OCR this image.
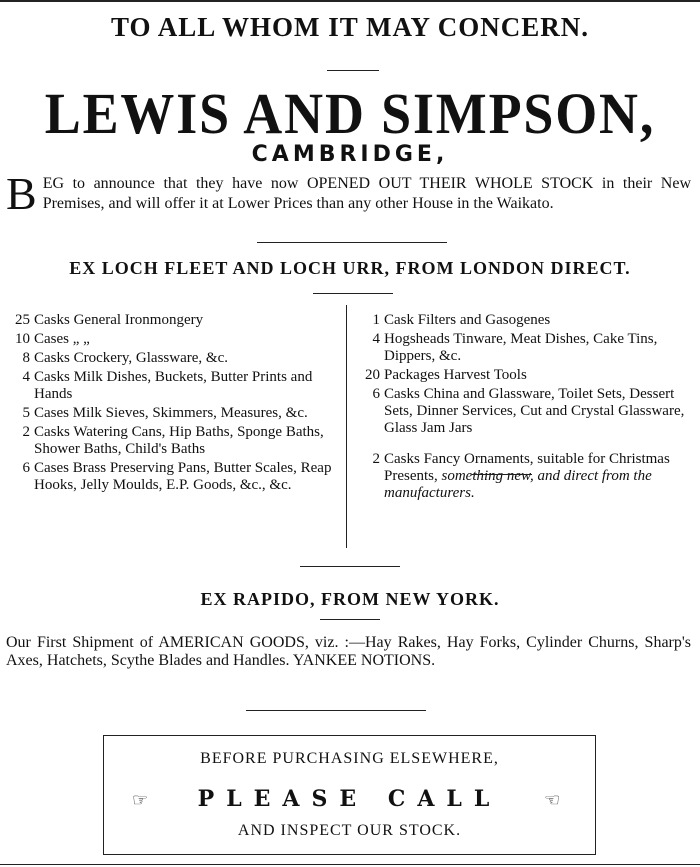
TO ALL WHOM IT MAY CONCERN.
LEWIS AND SIMPSON,
CAMBRIDGE,
BEG to announce that they have now OPENED OUT THEIR WHOLE STOCK in their New Premises, and will offer it at Lower Prices than any other House in the Waikato.
EX LOCH FLEET AND LOCH URR, FROM LONDON DIRECT.
25 Casks General Ironmongery
10 Cases „ „
8 Casks Crockery, Glassware, &c.
4 Casks Milk Dishes, Buckets, Butter Prints and Hands
5 Cases Milk Sieves, Skimmers, Measures, &c.
2 Casks Watering Cans, Hip Baths, Sponge Baths, Shower Baths, Child's Baths
6 Cases Brass Preserving Pans, Butter Scales, Reap Hooks, Jelly Moulds, E.P. Goods, &c., &c.
1 Cask Filters and Gasogenes
4 Hogsheads Tinware, Meat Dishes, Cake Tins, Dippers, &c.
20 Packages Harvest Tools
6 Casks China and Glassware, Toilet Sets, Dessert Sets, Dinner Services, Cut and Crystal Glassware, Glass Jam Jars
2 Casks Fancy Ornaments, suitable for Christmas Presents, something new, and direct from the manufacturers.
EX RAPIDO, FROM NEW YORK.
Our First Shipment of AMERICAN GOODS, viz. :—Hay Rakes, Hay Forks, Cylinder Churns, Sharp's Axes, Hatchets, Scythe Blades and Handles. YANKEE NOTIONS.
BEFORE PURCHASING ELSEWHERE,
☞	PLEASE CALL	☜
AND INSPECT OUR STOCK.
